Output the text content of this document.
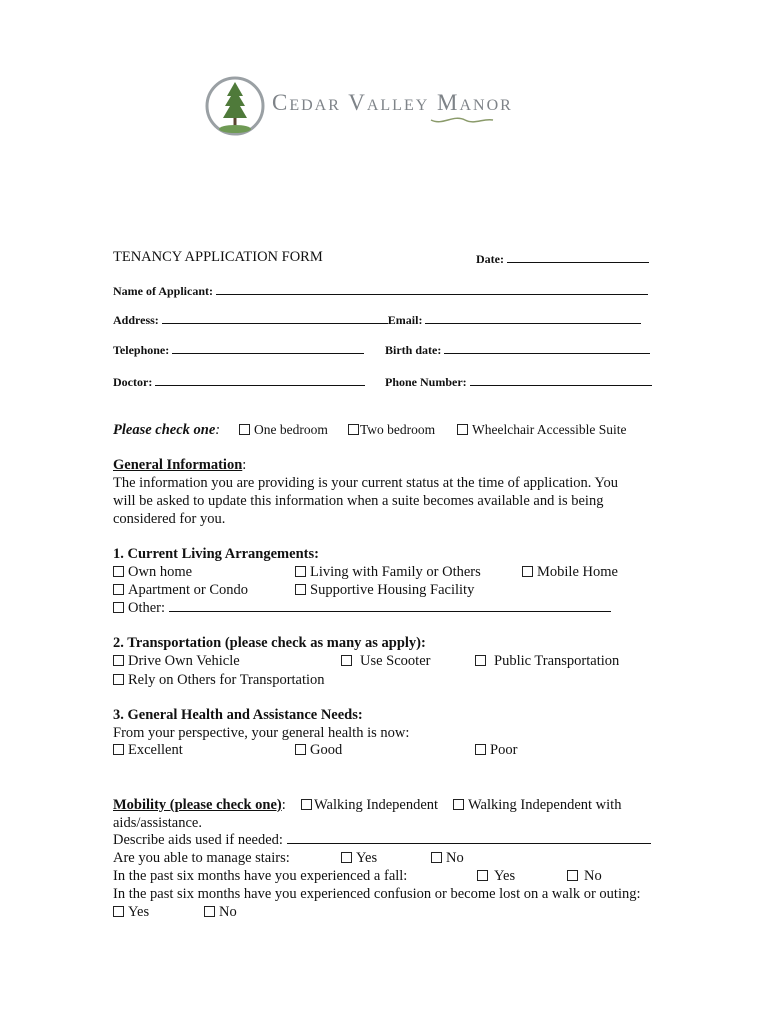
Cedar Valley Manor
TENANCY APPLICATION FORM	Date:
Name of Applicant:
Address:	Email:
Telephone:	Birth date:
Doctor:	Phone Number:
Please check one:	One bedroom	Two bedroom	Wheelchair Accessible Suite
General Information:
The information you are providing is your current status at the time of application. You
will be asked to update this information when a suite becomes available and is being
considered for you.
1. Current Living Arrangements:
Own home	Living with Family or Others	Mobile Home
Apartment or Condo	Supportive Housing Facility
Other:
2. Transportation (please check as many as apply):
Drive Own Vehicle	Use Scooter	Public Transportation
Rely on Others for Transportation
3. General Health and Assistance Needs:
From your perspective, your general health is now:
Excellent	Good	Poor
Mobility (please check one):	Walking Independent	Walking Independent with
aids/assistance.
Describe aids used if needed:
Are you able to manage stairs:	Yes	No
In the past six months have you experienced a fall:	Yes	No
In the past six months have you experienced confusion or become lost on a walk or outing:
Yes	No
